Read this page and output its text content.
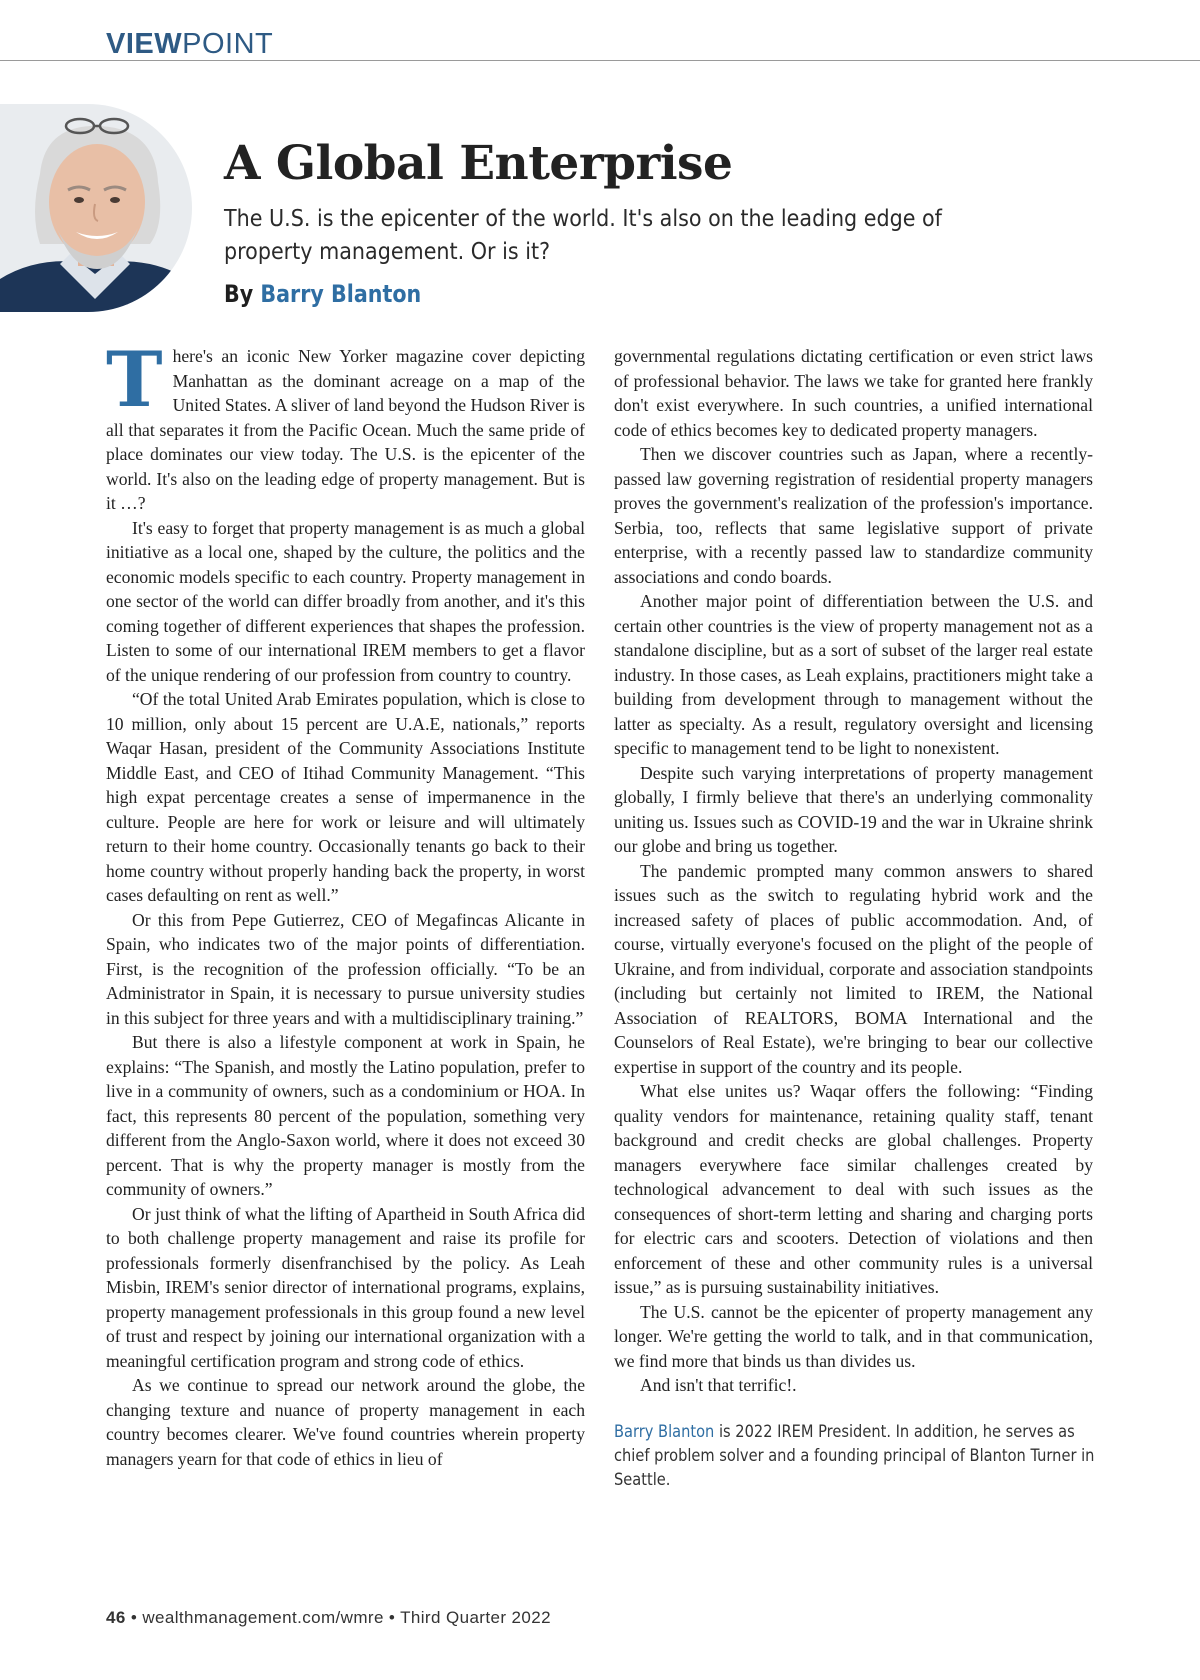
VIEWPOINT
A Global Enterprise

The U.S. is the epicenter of the world. It's also on the leading edge of property management. Or is it?

By Barry Blanton

There's an iconic New Yorker magazine cover depicting Manhattan as the dominant acreage on a map of the United States. A sliver of land beyond the Hudson River is all that separates it from the Pacific Ocean. Much the same pride of place dominates our view today. The U.S. is the epicenter of the world. It's also on the leading edge of property management. But is it …?

It's easy to forget that property management is as much a global initiative as a local one, shaped by the culture, the politics and the economic models specific to each country. Property management in one sector of the world can differ broadly from another, and it's this coming together of different experiences that shapes the profession. Listen to some of our international IREM members to get a flavor of the unique rendering of our profession from country to country.

“Of the total United Arab Emirates population, which is close to 10 million, only about 15 percent are U.A.E, nationals,” reports Waqar Hasan, president of the Community Associations Institute Middle East, and CEO of Itihad Community Management. “This high expat percentage creates a sense of impermanence in the culture. People are here for work or leisure and will ultimately return to their home country. Occasionally tenants go back to their home country without properly handing back the property, in worst cases defaulting on rent as well.”

Or this from Pepe Gutierrez, CEO of Megafincas Alicante in Spain, who indicates two of the major points of differentiation. First, is the recognition of the profession officially. “To be an Administrator in Spain, it is necessary to pursue university studies in this subject for three years and with a multidisciplinary training.”

But there is also a lifestyle component at work in Spain, he explains: “The Spanish, and mostly the Latino population, prefer to live in a community of owners, such as a condominium or HOA. In fact, this represents 80 percent of the population, something very different from the Anglo-Saxon world, where it does not exceed 30 percent. That is why the property manager is mostly from the community of owners.”

Or just think of what the lifting of Apartheid in South Africa did to both challenge property management and raise its profile for professionals formerly disenfranchised by the policy. As Leah Misbin, IREM's senior director of international programs, explains, property management professionals in this group found a new level of trust and respect by joining our international organization with a meaningful certification program and strong code of ethics.

As we continue to spread our network around the globe, the changing texture and nuance of property management in each country becomes clearer. We've found countries wherein property managers yearn for that code of ethics in lieu of

governmental regulations dictating certification or even strict laws of professional behavior. The laws we take for granted here frankly don't exist everywhere. In such countries, a unified international code of ethics becomes key to dedicated property managers.

Then we discover countries such as Japan, where a recently-passed law governing registration of residential property managers proves the government's realization of the profession's importance. Serbia, too, reflects that same legislative support of private enterprise, with a recently passed law to standardize community associations and condo boards.

Another major point of differentiation between the U.S. and certain other countries is the view of property management not as a standalone discipline, but as a sort of subset of the larger real estate industry. In those cases, as Leah explains, practitioners might take a building from development through to management without the latter as specialty. As a result, regulatory oversight and licensing specific to management tend to be light to nonexistent.

Despite such varying interpretations of property management globally, I firmly believe that there's an underlying commonality uniting us. Issues such as COVID-19 and the war in Ukraine shrink our globe and bring us together.

The pandemic prompted many common answers to shared issues such as the switch to regulating hybrid work and the increased safety of places of public accommodation. And, of course, virtually everyone's focused on the plight of the people of Ukraine, and from individual, corporate and association standpoints (including but certainly not limited to IREM, the National Association of REALTORS, BOMA International and the Counselors of Real Estate), we're bringing to bear our collective expertise in support of the country and its people.

What else unites us? Waqar offers the following: “Finding quality vendors for maintenance, retaining quality staff, tenant background and credit checks are global challenges. Property managers everywhere face similar challenges created by technological advancement to deal with such issues as the consequences of short-term letting and sharing and charging ports for electric cars and scooters. Detection of violations and then enforcement of these and other community rules is a universal issue,” as is pursuing sustainability initiatives.

The U.S. cannot be the epicenter of property management any longer. We're getting the world to talk, and in that communication, we find more that binds us than divides us.

And isn't that terrific!.

Barry Blanton is 2022 IREM President. In addition, he serves as chief problem solver and a founding principal of Blanton Turner in Seattle.
46 • wealthmanagement.com/wmre • Third Quarter 2022
